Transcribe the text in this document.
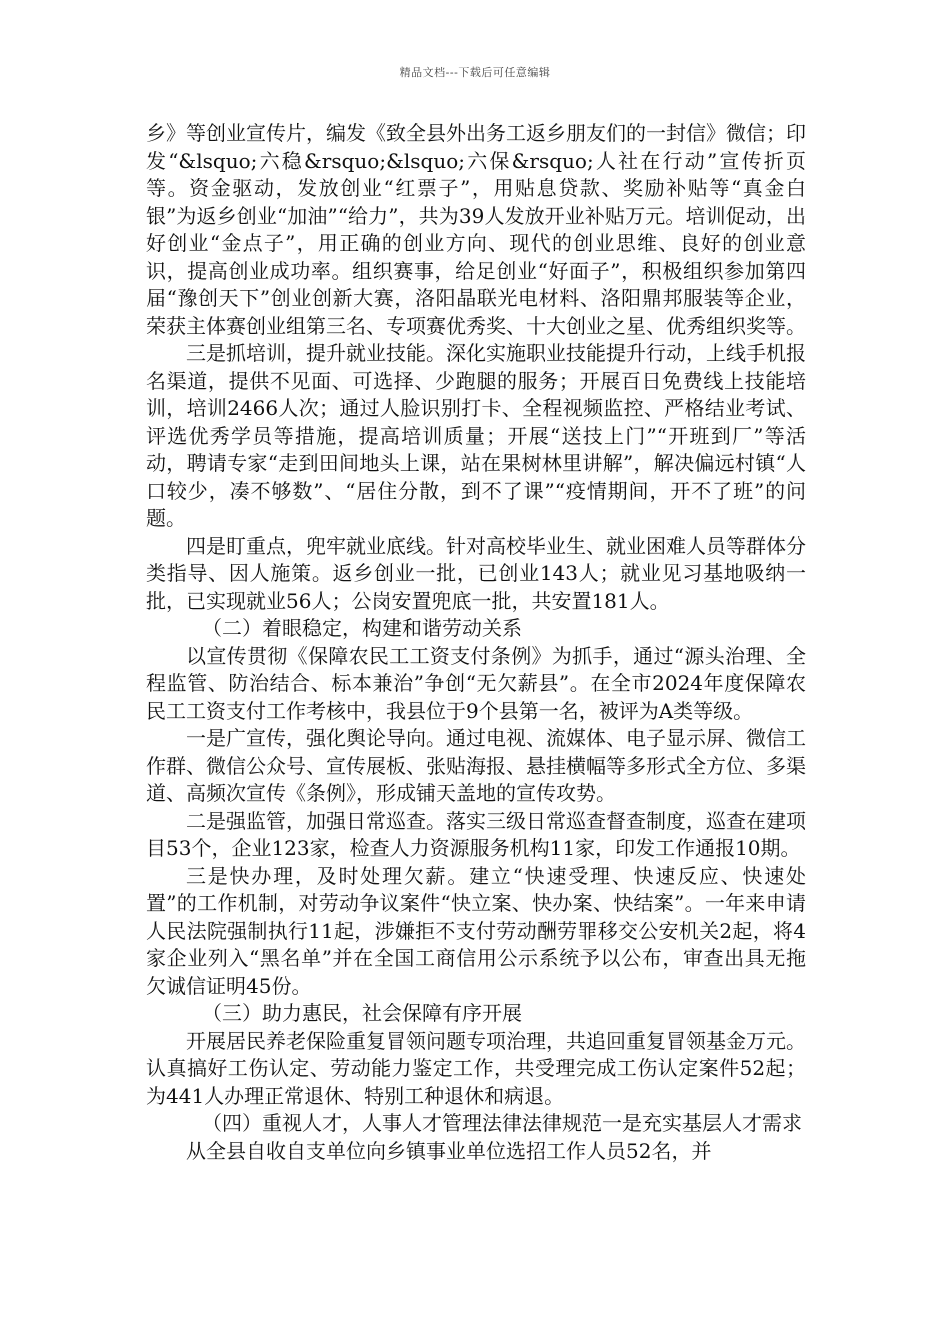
精品文档---下载后可任意编辑

乡》等创业宣传片，编发《致全县外出务工返乡朋友们的一封信》微信；印发“&lsquo;六稳&rsquo;&lsquo;六保&rsquo;人社在行动”宣传折页等。资金驱动，发放创业“红票子”，用贴息贷款、奖励补贴等“真金白银”为返乡创业“加油”“给力”，共为39人发放开业补贴万元。培训促动，出好创业“金点子”，用正确的创业方向、现代的创业思维、良好的创业意识，提高创业成功率。组织赛事，给足创业“好面子”，积极组织参加第四届“豫创天下”创业创新大赛，洛阳晶联光电材料、洛阳鼎邦服装等企业，荣获主体赛创业组第三名、专项赛优秀奖、十大创业之星、优秀组织奖等。

三是抓培训，提升就业技能。深化实施职业技能提升行动，上线手机报名渠道，提供不见面、可选择、少跑腿的服务；开展百日免费线上技能培训，培训2466人次；通过人脸识别打卡、全程视频监控、严格结业考试、评选优秀学员等措施，提高培训质量；开展“送技上门”“开班到厂”等活动，聘请专家“走到田间地头上课，站在果树林里讲解”，解决偏远村镇“人口较少，凑不够数”、“居住分散，到不了课”“疫情期间，开不了班”的问题。

四是盯重点，兜牢就业底线。针对高校毕业生、就业困难人员等群体分类指导、因人施策。返乡创业一批，已创业143人；就业见习基地吸纳一批，已实现就业56人；公岗安置兜底一批，共安置181人。

（二）着眼稳定，构建和谐劳动关系

以宣传贯彻《保障农民工工资支付条例》为抓手，通过“源头治理、全程监管、防治结合、标本兼治”争创“无欠薪县”。在全市2024年度保障农民工工资支付工作考核中，我县位于9个县第一名，被评为A类等级。

一是广宣传，强化舆论导向。通过电视、流媒体、电子显示屏、微信工作群、微信公众号、宣传展板、张贴海报、悬挂横幅等多形式全方位、多渠道、高频次宣传《条例》，形成铺天盖地的宣传攻势。

二是强监管，加强日常巡查。落实三级日常巡查督查制度，巡查在建项目53个，企业123家，检查人力资源服务机构11家，印发工作通报10期。

三是快办理，及时处理欠薪。建立“快速受理、快速反应、快速处置”的工作机制，对劳动争议案件“快立案、快办案、快结案”。一年来申请人民法院强制执行11起，涉嫌拒不支付劳动酬劳罪移交公安机关2起，将4家企业列入“黑名单”并在全国工商信用公示系统予以公布，审查出具无拖欠诚信证明45份。

（三）助力惠民，社会保障有序开展

开展居民养老保险重复冒领问题专项治理，共追回重复冒领基金万元。认真搞好工伤认定、劳动能力鉴定工作，共受理完成工伤认定案件52起；为441人办理正常退休、特别工种退休和病退。

（四）重视人才，人事人才管理法律法律规范一是充实基层人才需求

从全县自收自支单位向乡镇事业单位选招工作人员52名，并
